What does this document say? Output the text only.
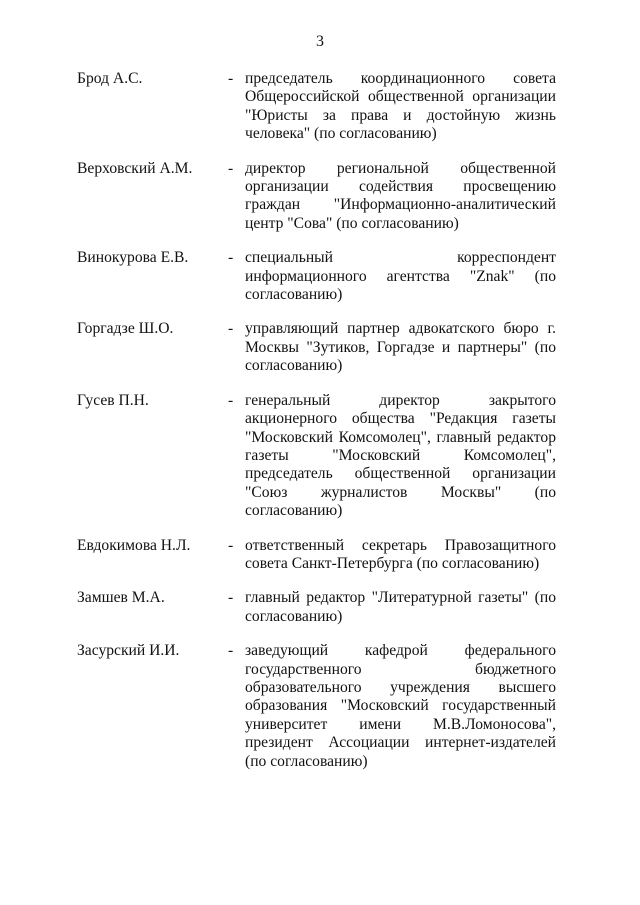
3
Брод А.С.	- председатель координационного совета Общероссийской общественной организации "Юристы за права и достойную жизнь человека" (по согласованию)
Верховский А.М. - директор региональной общественной организации содействия просвещению граждан "Информационно-аналитический центр "Сова" (по согласованию)
Винокурова Е.В.	- специальный корреспондент информационного агентства "Znak" (по согласованию)
Горгадзе Ш.О.	- управляющий партнер адвокатского бюро г. Москвы "Зутиков, Горгадзе и партнеры" (по согласованию)
Гусев П.Н.	- генеральный директор закрытого акционерного общества "Редакция газеты "Московский Комсомолец", главный редактор газеты "Московский Комсомолец", председатель общественной организации "Союз журналистов Москвы" (по согласованию)
Евдокимова Н.Л. - ответственный секретарь Правозащитного совета Санкт-Петербурга (по согласованию)
Замшев М.А.	- главный редактор "Литературной газеты" (по согласованию)
Засурский И.И.	- заведующий кафедрой федерального государственного бюджетного образовательного учреждения высшего образования "Московский государственный университет имени М.В.Ломоносова", президент Ассоциации интернет-издателей (по согласованию)
